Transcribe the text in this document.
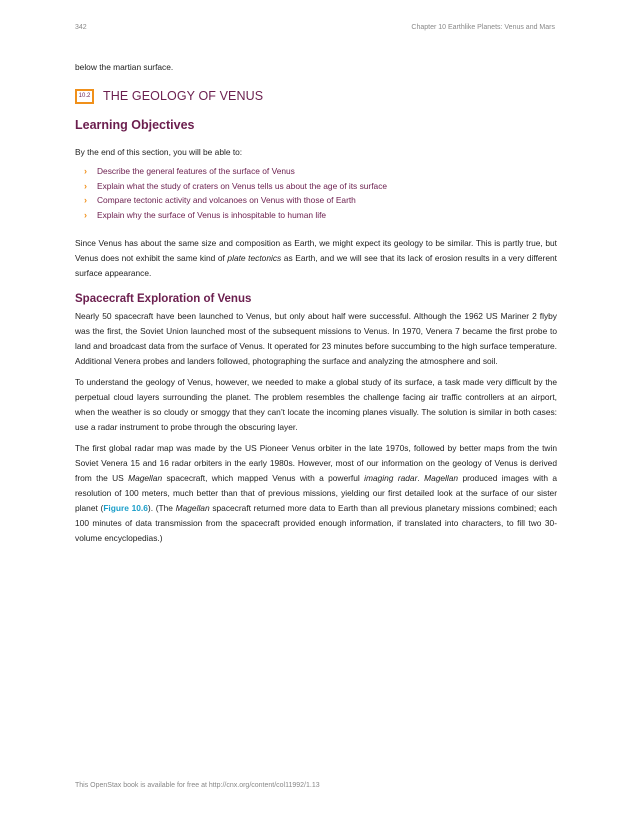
342	Chapter 10 Earthlike Planets: Venus and Mars

below the martian surface.

10.2 THE GEOLOGY OF VENUS
Learning Objectives

By the end of this section, you will be able to:

› Describe the general features of the surface of Venus
› Explain what the study of craters on Venus tells us about the age of its surface
› Compare tectonic activity and volcanoes on Venus with those of Earth
› Explain why the surface of Venus is inhospitable to human life

Since Venus has about the same size and composition as Earth, we might expect its geology to be similar. This is partly true, but Venus does not exhibit the same kind of plate tectonics as Earth, and we will see that its lack of erosion results in a very different surface appearance.

Spacecraft Exploration of Venus

Nearly 50 spacecraft have been launched to Venus, but only about half were successful. Although the 1962 US Mariner 2 flyby was the first, the Soviet Union launched most of the subsequent missions to Venus. In 1970, Venera 7 became the first probe to land and broadcast data from the surface of Venus. It operated for 23 minutes before succumbing to the high surface temperature. Additional Venera probes and landers followed, photographing the surface and analyzing the atmosphere and soil.

To understand the geology of Venus, however, we needed to make a global study of its surface, a task made very difficult by the perpetual cloud layers surrounding the planet. The problem resembles the challenge facing air traffic controllers at an airport, when the weather is so cloudy or smoggy that they can’t locate the incoming planes visually. The solution is similar in both cases: use a radar instrument to probe through the obscuring layer.

The first global radar map was made by the US Pioneer Venus orbiter in the late 1970s, followed by better maps from the twin Soviet Venera 15 and 16 radar orbiters in the early 1980s. However, most of our information on the geology of Venus is derived from the US Magellan spacecraft, which mapped Venus with a powerful imaging radar. Magellan produced images with a resolution of 100 meters, much better than that of previous missions, yielding our first detailed look at the surface of our sister planet (Figure 10.6). (The Magellan spacecraft returned more data to Earth than all previous planetary missions combined; each 100 minutes of data transmission from the spacecraft provided enough information, if translated into characters, to fill two 30-volume encyclopedias.)

This OpenStax book is available for free at http://cnx.org/content/col11992/1.13
